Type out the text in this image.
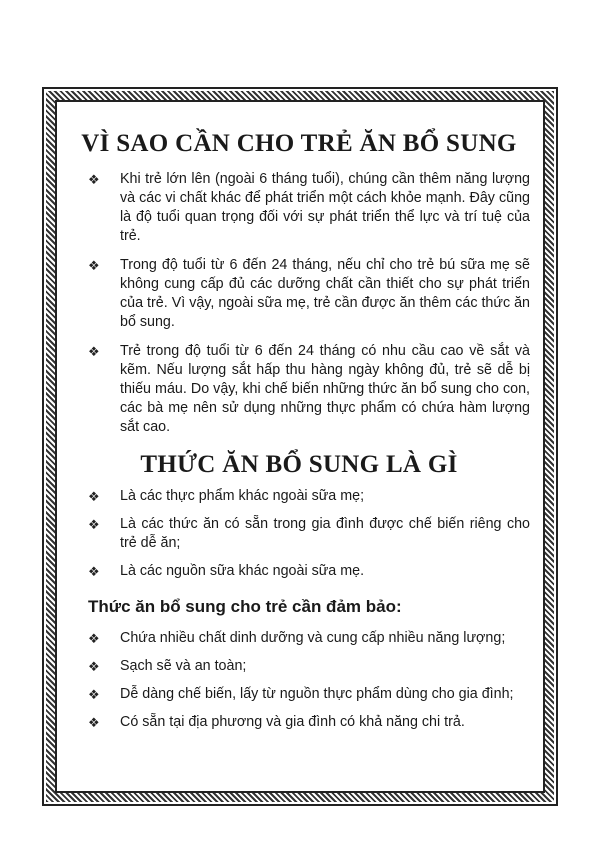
VÌ SAO CẦN CHO TRẺ ĂN BỔ SUNG
❖ Khi trẻ lớn lên (ngoài 6 tháng tuổi), chúng cần thêm năng lượng và các vi chất khác để phát triển một cách khỏe mạnh. Đây cũng là độ tuổi quan trọng đối với sự phát triển thể lực và trí tuệ của trẻ.
❖ Trong độ tuổi từ 6 đến 24 tháng, nếu chỉ cho trẻ bú sữa mẹ sẽ không cung cấp đủ các dưỡng chất cần thiết cho sự phát triển của trẻ. Vì vậy, ngoài sữa mẹ, trẻ cần được ăn thêm các thức ăn bổ sung.
❖ Trẻ trong độ tuổi từ 6 đến 24 tháng có nhu cầu cao về sắt và kẽm. Nếu lượng sắt hấp thu hàng ngày không đủ, trẻ sẽ dễ bị thiếu máu. Do vậy, khi chế biến những thức ăn bổ sung cho con, các bà mẹ nên sử dụng những thực phẩm có chứa hàm lượng sắt cao.
THỨC ĂN BỔ SUNG LÀ GÌ
❖ Là các thực phẩm khác ngoài sữa mẹ;
❖ Là các thức ăn có sẵn trong gia đình được chế biến riêng cho trẻ dễ ăn;
❖ Là các nguồn sữa khác ngoài sữa mẹ.
Thức ăn bổ sung cho trẻ cần đảm bảo:
❖ Chứa nhiều chất dinh dưỡng và cung cấp nhiều năng lượng;
❖ Sạch sẽ và an toàn;
❖ Dễ dàng chế biến, lấy từ nguồn thực phẩm dùng cho gia đình;
❖ Có sẵn tại địa phương và gia đình có khả năng chi trả.
